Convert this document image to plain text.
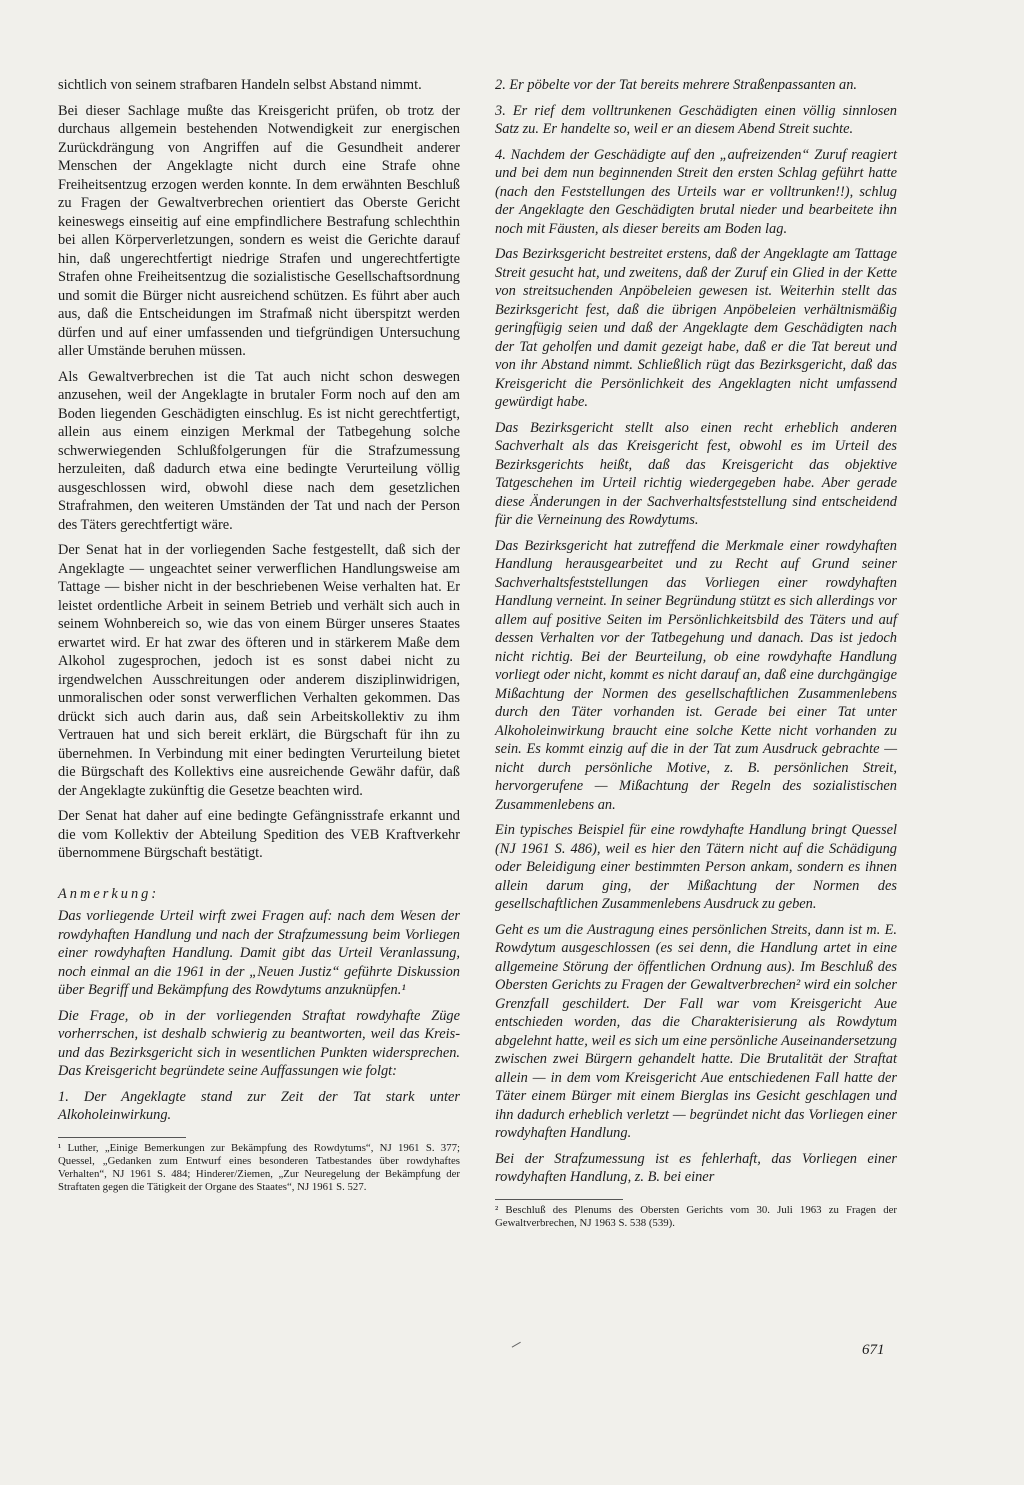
sichtlich von seinem strafbaren Handeln selbst Abstand nimmt.

Bei dieser Sachlage mußte das Kreisgericht prüfen, ob trotz der durchaus allgemein bestehenden Notwendigkeit zur energischen Zurückdrängung von Angriffen auf die Gesundheit anderer Menschen der Angeklagte nicht durch eine Strafe ohne Freiheitsentzug erzogen werden konnte. In dem erwähnten Beschluß zu Fragen der Gewaltverbrechen orientiert das Oberste Gericht keineswegs einseitig auf eine empfindlichere Bestrafung schlechthin bei allen Körperverletzungen, sondern es weist die Gerichte darauf hin, daß ungerechtfertigt niedrige Strafen und ungerechtfertigte Strafen ohne Freiheitsentzug die sozialistische Gesellschaftsordnung und somit die Bürger nicht ausreichend schützen. Es führt aber auch aus, daß die Entscheidungen im Strafmaß nicht überspitzt werden dürfen und auf einer umfassenden und tiefgründigen Untersuchung aller Umstände beruhen müssen.

Als Gewaltverbrechen ist die Tat auch nicht schon deswegen anzusehen, weil der Angeklagte in brutaler Form noch auf den am Boden liegenden Geschädigten einschlug. Es ist nicht gerechtfertigt, allein aus einem einzigen Merkmal der Tatbegehung solche schwerwiegenden Schlußfolgerungen für die Strafzumessung herzuleiten, daß dadurch etwa eine bedingte Verurteilung völlig ausgeschlossen wird, obwohl diese nach dem gesetzlichen Strafrahmen, den weiteren Umständen der Tat und nach der Person des Täters gerechtfertigt wäre.

Der Senat hat in der vorliegenden Sache festgestellt, daß sich der Angeklagte — ungeachtet seiner verwerflichen Handlungsweise am Tattage — bisher nicht in der beschriebenen Weise verhalten hat. Er leistet ordentliche Arbeit in seinem Betrieb und verhält sich auch in seinem Wohnbereich so, wie das von einem Bürger unseres Staates erwartet wird. Er hat zwar des öfteren und in stärkerem Maße dem Alkohol zugesprochen, jedoch ist es sonst dabei nicht zu irgendwelchen Ausschreitungen oder anderem disziplinwidrigen, unmoralischen oder sonst verwerflichen Verhalten gekommen. Das drückt sich auch darin aus, daß sein Arbeitskollektiv zu ihm Vertrauen hat und sich bereit erklärt, die Bürgschaft für ihn zu übernehmen. In Verbindung mit einer bedingten Verurteilung bietet die Bürgschaft des Kollektivs eine ausreichende Gewähr dafür, daß der Angeklagte zukünftig die Gesetze beachten wird.

Der Senat hat daher auf eine bedingte Gefängnisstrafe erkannt und die vom Kollektiv der Abteilung Spedition des VEB Kraftverkehr übernommene Bürgschaft bestätigt.

Anmerkung:

Das vorliegende Urteil wirft zwei Fragen auf: nach dem Wesen der rowdyhaften Handlung und nach der Strafzumessung beim Vorliegen einer rowdyhaften Handlung. Damit gibt das Urteil Veranlassung, noch einmal an die 1961 in der „Neuen Justiz“ geführte Diskussion über Begriff und Bekämpfung des Rowdytums anzuknüpfen.¹

Die Frage, ob in der vorliegenden Straftat rowdyhafte Züge vorherrschen, ist deshalb schwierig zu beantworten, weil das Kreis- und das Bezirksgericht sich in wesentlichen Punkten widersprechen. Das Kreisgericht begründete seine Auffassungen wie folgt:

1. Der Angeklagte stand zur Zeit der Tat stark unter Alkoholeinwirkung.

¹ Luther, „Einige Bemerkungen zur Bekämpfung des Rowdytums“, NJ 1961 S. 377; Quessel, „Gedanken zum Entwurf eines besonderen Tatbestandes über rowdyhaftes Verhalten“, NJ 1961 S. 484; Hinderer/Ziemen, „Zur Neuregelung der Bekämpfung der Straftaten gegen die Tätigkeit der Organe des Staates“, NJ 1961 S. 527.

2. Er pöbelte vor der Tat bereits mehrere Straßenpassanten an.

3. Er rief dem volltrunkenen Geschädigten einen völlig sinnlosen Satz zu. Er handelte so, weil er an diesem Abend Streit suchte.

4. Nachdem der Geschädigte auf den „aufreizenden“ Zuruf reagiert und bei dem nun beginnenden Streit den ersten Schlag geführt hatte (nach den Feststellungen des Urteils war er volltrunken!!), schlug der Angeklagte den Geschädigten brutal nieder und bearbeitete ihn noch mit Fäusten, als dieser bereits am Boden lag.

Das Bezirksgericht bestreitet erstens, daß der Angeklagte am Tattage Streit gesucht hat, und zweitens, daß der Zuruf ein Glied in der Kette von streitsuchenden Anpöbeleien gewesen ist. Weiterhin stellt das Bezirksgericht fest, daß die übrigen Anpöbeleien verhältnismäßig geringfügig seien und daß der Angeklagte dem Geschädigten nach der Tat geholfen und damit gezeigt habe, daß er die Tat bereut und von ihr Abstand nimmt. Schließlich rügt das Bezirksgericht, daß das Kreisgericht die Persönlichkeit des Angeklagten nicht umfassend gewürdigt habe.

Das Bezirksgericht stellt also einen recht erheblich anderen Sachverhalt als das Kreisgericht fest, obwohl es im Urteil des Bezirksgerichts heißt, daß das Kreisgericht das objektive Tatgeschehen im Urteil richtig wiedergegeben habe. Aber gerade diese Änderungen in der Sachverhaltsfeststellung sind entscheidend für die Verneinung des Rowdytums.

Das Bezirksgericht hat zutreffend die Merkmale einer rowdyhaften Handlung herausgearbeitet und zu Recht auf Grund seiner Sachverhaltsfeststellungen das Vorliegen einer rowdyhaften Handlung verneint. In seiner Begründung stützt es sich allerdings vor allem auf positive Seiten im Persönlichkeitsbild des Täters und auf dessen Verhalten vor der Tatbegehung und danach. Das ist jedoch nicht richtig. Bei der Beurteilung, ob eine rowdyhafte Handlung vorliegt oder nicht, kommt es nicht darauf an, daß eine durchgängige Mißachtung der Normen des gesellschaftlichen Zusammenlebens durch den Täter vorhanden ist. Gerade bei einer Tat unter Alkoholeinwirkung braucht eine solche Kette nicht vorhanden zu sein. Es kommt einzig auf die in der Tat zum Ausdruck gebrachte — nicht durch persönliche Motive, z. B. persönlichen Streit, hervorgerufene — Mißachtung der Regeln des sozialistischen Zusammenlebens an.

Ein typisches Beispiel für eine rowdyhafte Handlung bringt Quessel (NJ 1961 S. 486), weil es hier den Tätern nicht auf die Schädigung oder Beleidigung einer bestimmten Person ankam, sondern es ihnen allein darum ging, der Mißachtung der Normen des gesellschaftlichen Zusammenlebens Ausdruck zu geben.

Geht es um die Austragung eines persönlichen Streits, dann ist m. E. Rowdytum ausgeschlossen (es sei denn, die Handlung artet in eine allgemeine Störung der öffentlichen Ordnung aus). Im Beschluß des Obersten Gerichts zu Fragen der Gewaltverbrechen² wird ein solcher Grenzfall geschildert. Der Fall war vom Kreisgericht Aue entschieden worden, das die Charakterisierung als Rowdytum abgelehnt hatte, weil es sich um eine persönliche Auseinandersetzung zwischen zwei Bürgern gehandelt hatte. Die Brutalität der Straftat allein — in dem vom Kreisgericht Aue entschiedenen Fall hatte der Täter einem Bürger mit einem Bierglas ins Gesicht geschlagen und ihn dadurch erheblich verletzt — begründet nicht das Vorliegen einer rowdyhaften Handlung.

Bei der Strafzumessung ist es fehlerhaft, das Vorliegen einer rowdyhaften Handlung, z. B. bei einer

² Beschluß des Plenums des Obersten Gerichts vom 30. Juli 1963 zu Fragen der Gewaltverbrechen, NJ 1963 S. 538 (539).

671
